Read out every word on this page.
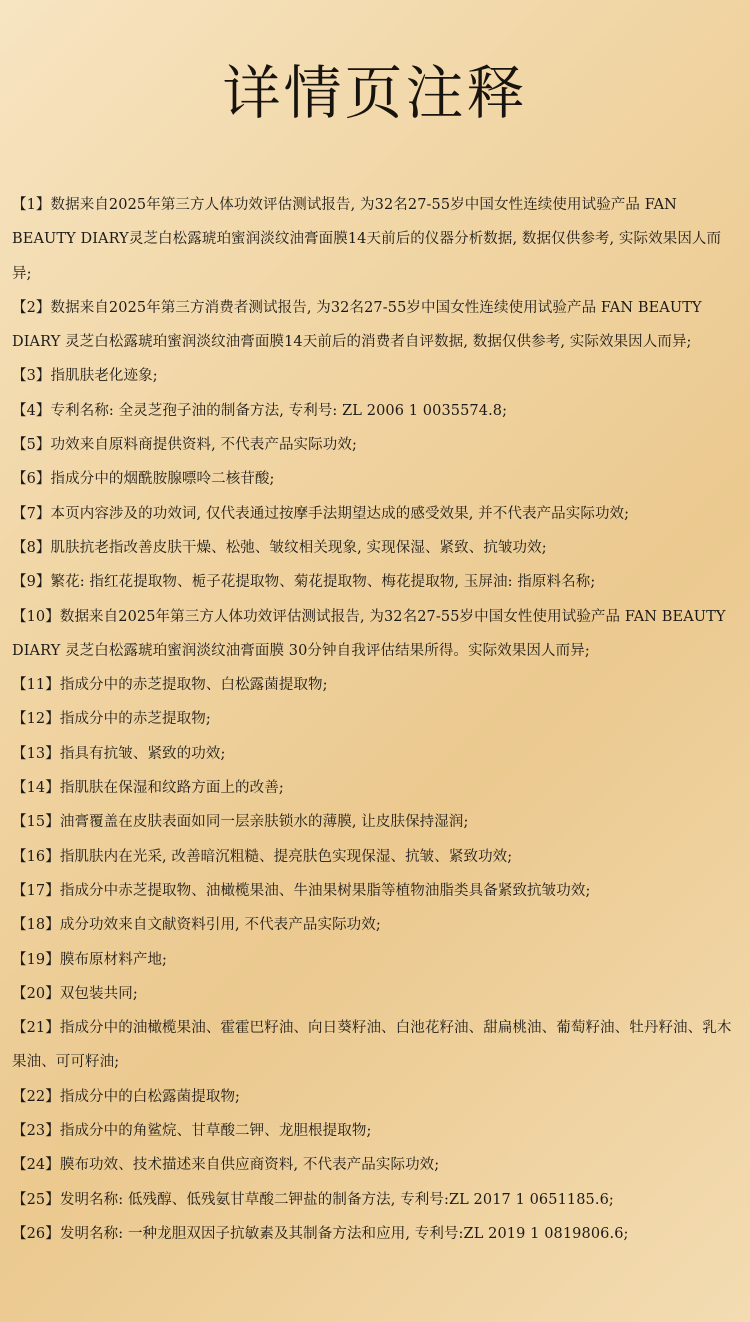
详情页注释

【1】数据来自2025年第三方人体功效评估测试报告, 为32名27-55岁中国女性连续使用试验产品 FAN BEAUTY DIARY灵芝白松露琥珀蜜润淡纹油膏面膜14天前后的仪器分析数据, 数据仅供参考, 实际效果因人而异;

【2】数据来自2025年第三方消费者测试报告, 为32名27-55岁中国女性连续使用试验产品 FAN BEAUTY DIARY 灵芝白松露琥珀蜜润淡纹油膏面膜14天前后的消费者自评数据, 数据仅供参考, 实际效果因人而异;

【3】指肌肤老化迹象;

【4】专利名称: 全灵芝孢子油的制备方法, 专利号: ZL 2006 1 0035574.8;

【5】功效来自原料商提供资料, 不代表产品实际功效;

【6】指成分中的烟酰胺腺嘌呤二核苷酸;

【7】本页内容涉及的功效词, 仅代表通过按摩手法期望达成的感受效果, 并不代表产品实际功效;

【8】肌肤抗老指改善皮肤干燥、松弛、皱纹相关现象, 实现保湿、紧致、抗皱功效;

【9】繁花: 指红花提取物、栀子花提取物、菊花提取物、梅花提取物, 玉屏油: 指原料名称;

【10】数据来自2025年第三方人体功效评估测试报告, 为32名27-55岁中国女性使用试验产品 FAN BEAUTY DIARY 灵芝白松露琥珀蜜润淡纹油膏面膜 30分钟自我评估结果所得。实际效果因人而异;

【11】指成分中的赤芝提取物、白松露菌提取物;

【12】指成分中的赤芝提取物;

【13】指具有抗皱、紧致的功效;

【14】指肌肤在保湿和纹路方面上的改善;

【15】油膏覆盖在皮肤表面如同一层亲肤锁水的薄膜, 让皮肤保持湿润;

【16】指肌肤内在光采, 改善暗沉粗糙、提亮肤色实现保湿、抗皱、紧致功效;

【17】指成分中赤芝提取物、油橄榄果油、牛油果树果脂等植物油脂类具备紧致抗皱功效;

【18】成分功效来自文献资料引用, 不代表产品实际功效;

【19】膜布原材料产地;

【20】双包装共同;

【21】指成分中的油橄榄果油、霍霍巴籽油、向日葵籽油、白池花籽油、甜扁桃油、葡萄籽油、牡丹籽油、乳木果油、可可籽油;

【22】指成分中的白松露菌提取物;

【23】指成分中的角鲨烷、甘草酸二钾、龙胆根提取物;

【24】膜布功效、技术描述来自供应商资料, 不代表产品实际功效;

【25】发明名称: 低残醇、低残氨甘草酸二钾盐的制备方法, 专利号:ZL 2017 1 0651185.6;

【26】发明名称: 一种龙胆双因子抗敏素及其制备方法和应用, 专利号:ZL 2019 1 0819806.6;
